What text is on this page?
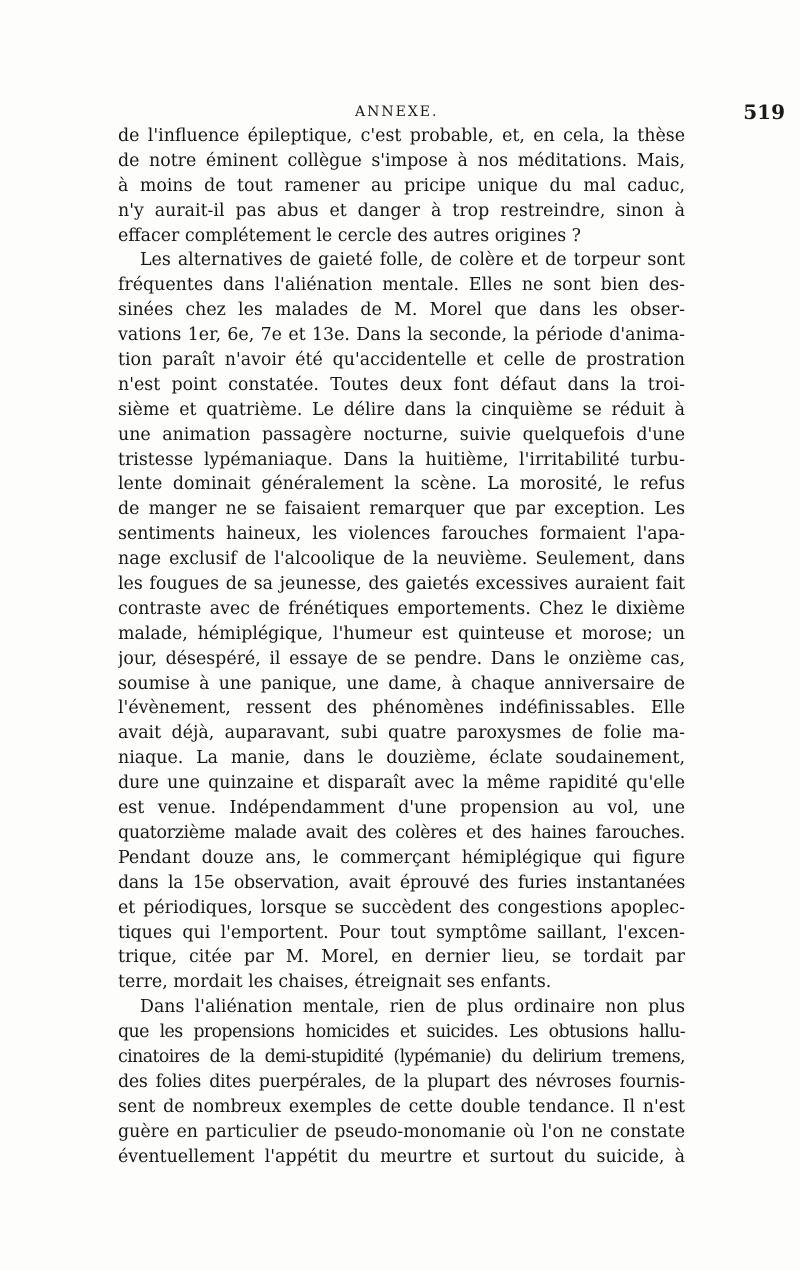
ANNEXE.	519
de l'influence épileptique, c'est probable, et, en cela, la thèse
de notre éminent collègue s'impose à nos méditations. Mais,
à moins de tout ramener au pricipe unique du mal caduc,
n'y aurait-il pas abus et danger à trop restreindre, sinon à
effacer complétement le cercle des autres origines ?
Les alternatives de gaieté folle, de colère et de torpeur sont
fréquentes dans l'aliénation mentale. Elles ne sont bien des-
sinées chez les malades de M. Morel que dans les obser-
vations 1er, 6e, 7e et 13e. Dans la seconde, la période d'anima-
tion paraît n'avoir été qu'accidentelle et celle de prostration
n'est point constatée. Toutes deux font défaut dans la troi-
sième et quatrième. Le délire dans la cinquième se réduit à
une animation passagère nocturne, suivie quelquefois d'une
tristesse lypémaniaque. Dans la huitième, l'irritabilité turbu-
lente dominait généralement la scène. La morosité, le refus
de manger ne se faisaient remarquer que par exception. Les
sentiments haineux, les violences farouches formaient l'apa-
nage exclusif de l'alcoolique de la neuvième. Seulement, dans
les fougues de sa jeunesse, des gaietés excessives auraient fait
contraste avec de frénétiques emportements. Chez le dixième
malade, hémiplégique, l'humeur est quinteuse et morose; un
jour, désespéré, il essaye de se pendre. Dans le onzième cas,
soumise à une panique, une dame, à chaque anniversaire de
l'évènement, ressent des phénomènes indéfinissables. Elle
avait déjà, auparavant, subi quatre paroxysmes de folie ma-
niaque. La manie, dans le douzième, éclate soudainement,
dure une quinzaine et disparaît avec la même rapidité qu'elle
est venue. Indépendamment d'une propension au vol, une
quatorzième malade avait des colères et des haines farouches.
Pendant douze ans, le commerçant hémiplégique qui figure
dans la 15e observation, avait éprouvé des furies instantanées
et périodiques, lorsque se succèdent des congestions apoplec-
tiques qui l'emportent. Pour tout symptôme saillant, l'excen-
trique, citée par M. Morel, en dernier lieu, se tordait par
terre, mordait les chaises, étreignait ses enfants.
Dans l'aliénation mentale, rien de plus ordinaire non plus
que les propensions homicides et suicides. Les obtusions hallu-
cinatoires de la demi-stupidité (lypémanie) du delirium tremens,
des folies dites puerpérales, de la plupart des névroses fournis-
sent de nombreux exemples de cette double tendance. Il n'est
guère en particulier de pseudo-monomanie où l'on ne constate
éventuellement l'appétit du meurtre et surtout du suicide, à
